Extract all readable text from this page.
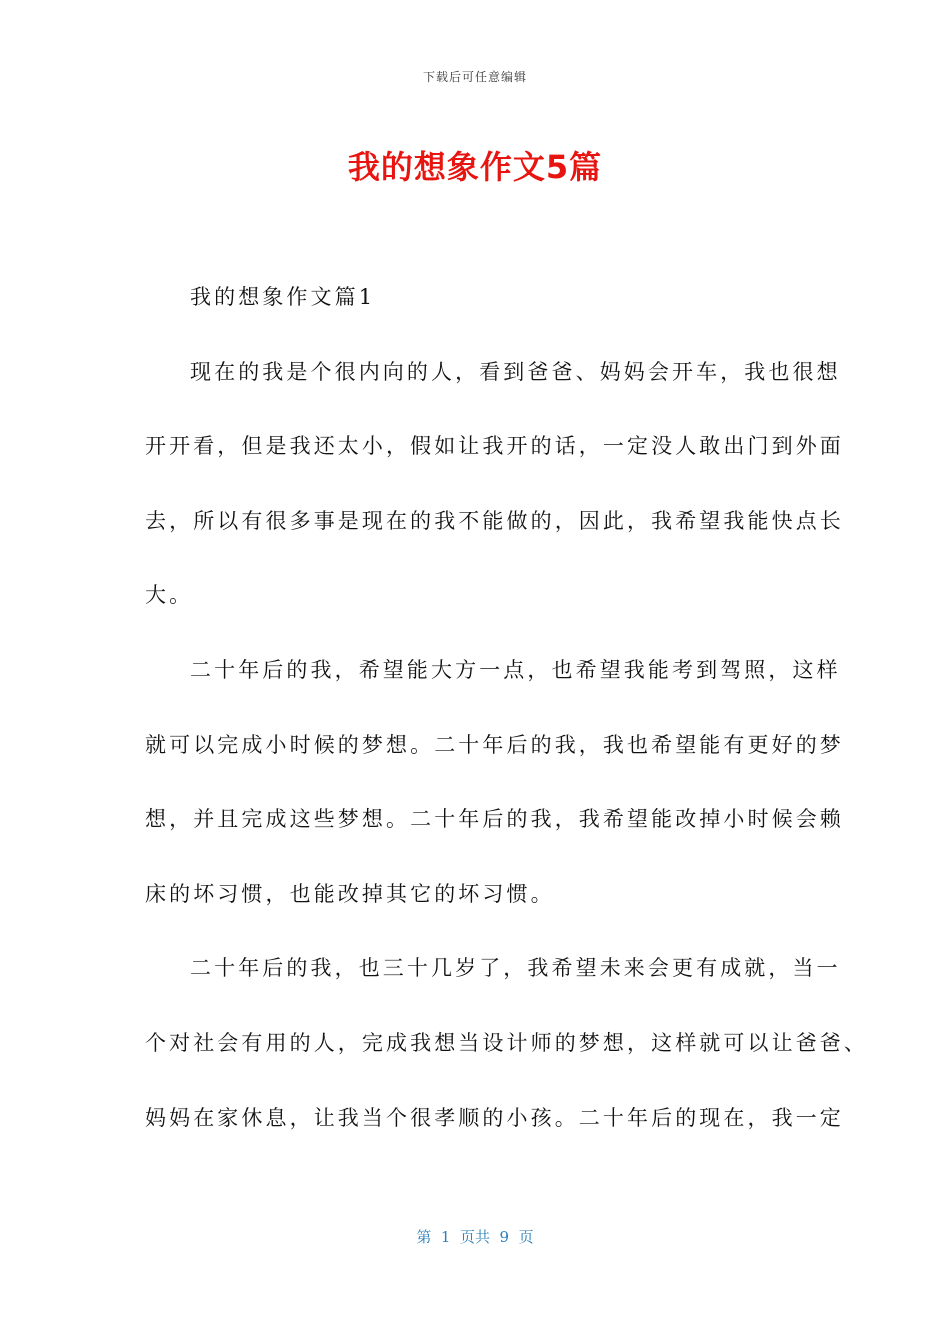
下载后可任意编辑
我的想象作文5篇
我的想象作文篇1
现在的我是个很内向的人，看到爸爸、妈妈会开车，我也很想
开开看，但是我还太小，假如让我开的话，一定没人敢出门到外面
去，所以有很多事是现在的我不能做的，因此，我希望我能快点长
大。
二十年后的我，希望能大方一点，也希望我能考到驾照，这样
就可以完成小时候的梦想。二十年后的我，我也希望能有更好的梦
想，并且完成这些梦想。二十年后的我，我希望能改掉小时候会赖
床的坏习惯，也能改掉其它的坏习惯。
二十年后的我，也三十几岁了，我希望未来会更有成就，当一
个对社会有用的人，完成我想当设计师的梦想，这样就可以让爸爸、
妈妈在家休息，让我当个很孝顺的小孩。二十年后的现在，我一定
第  1  页共  9  页
